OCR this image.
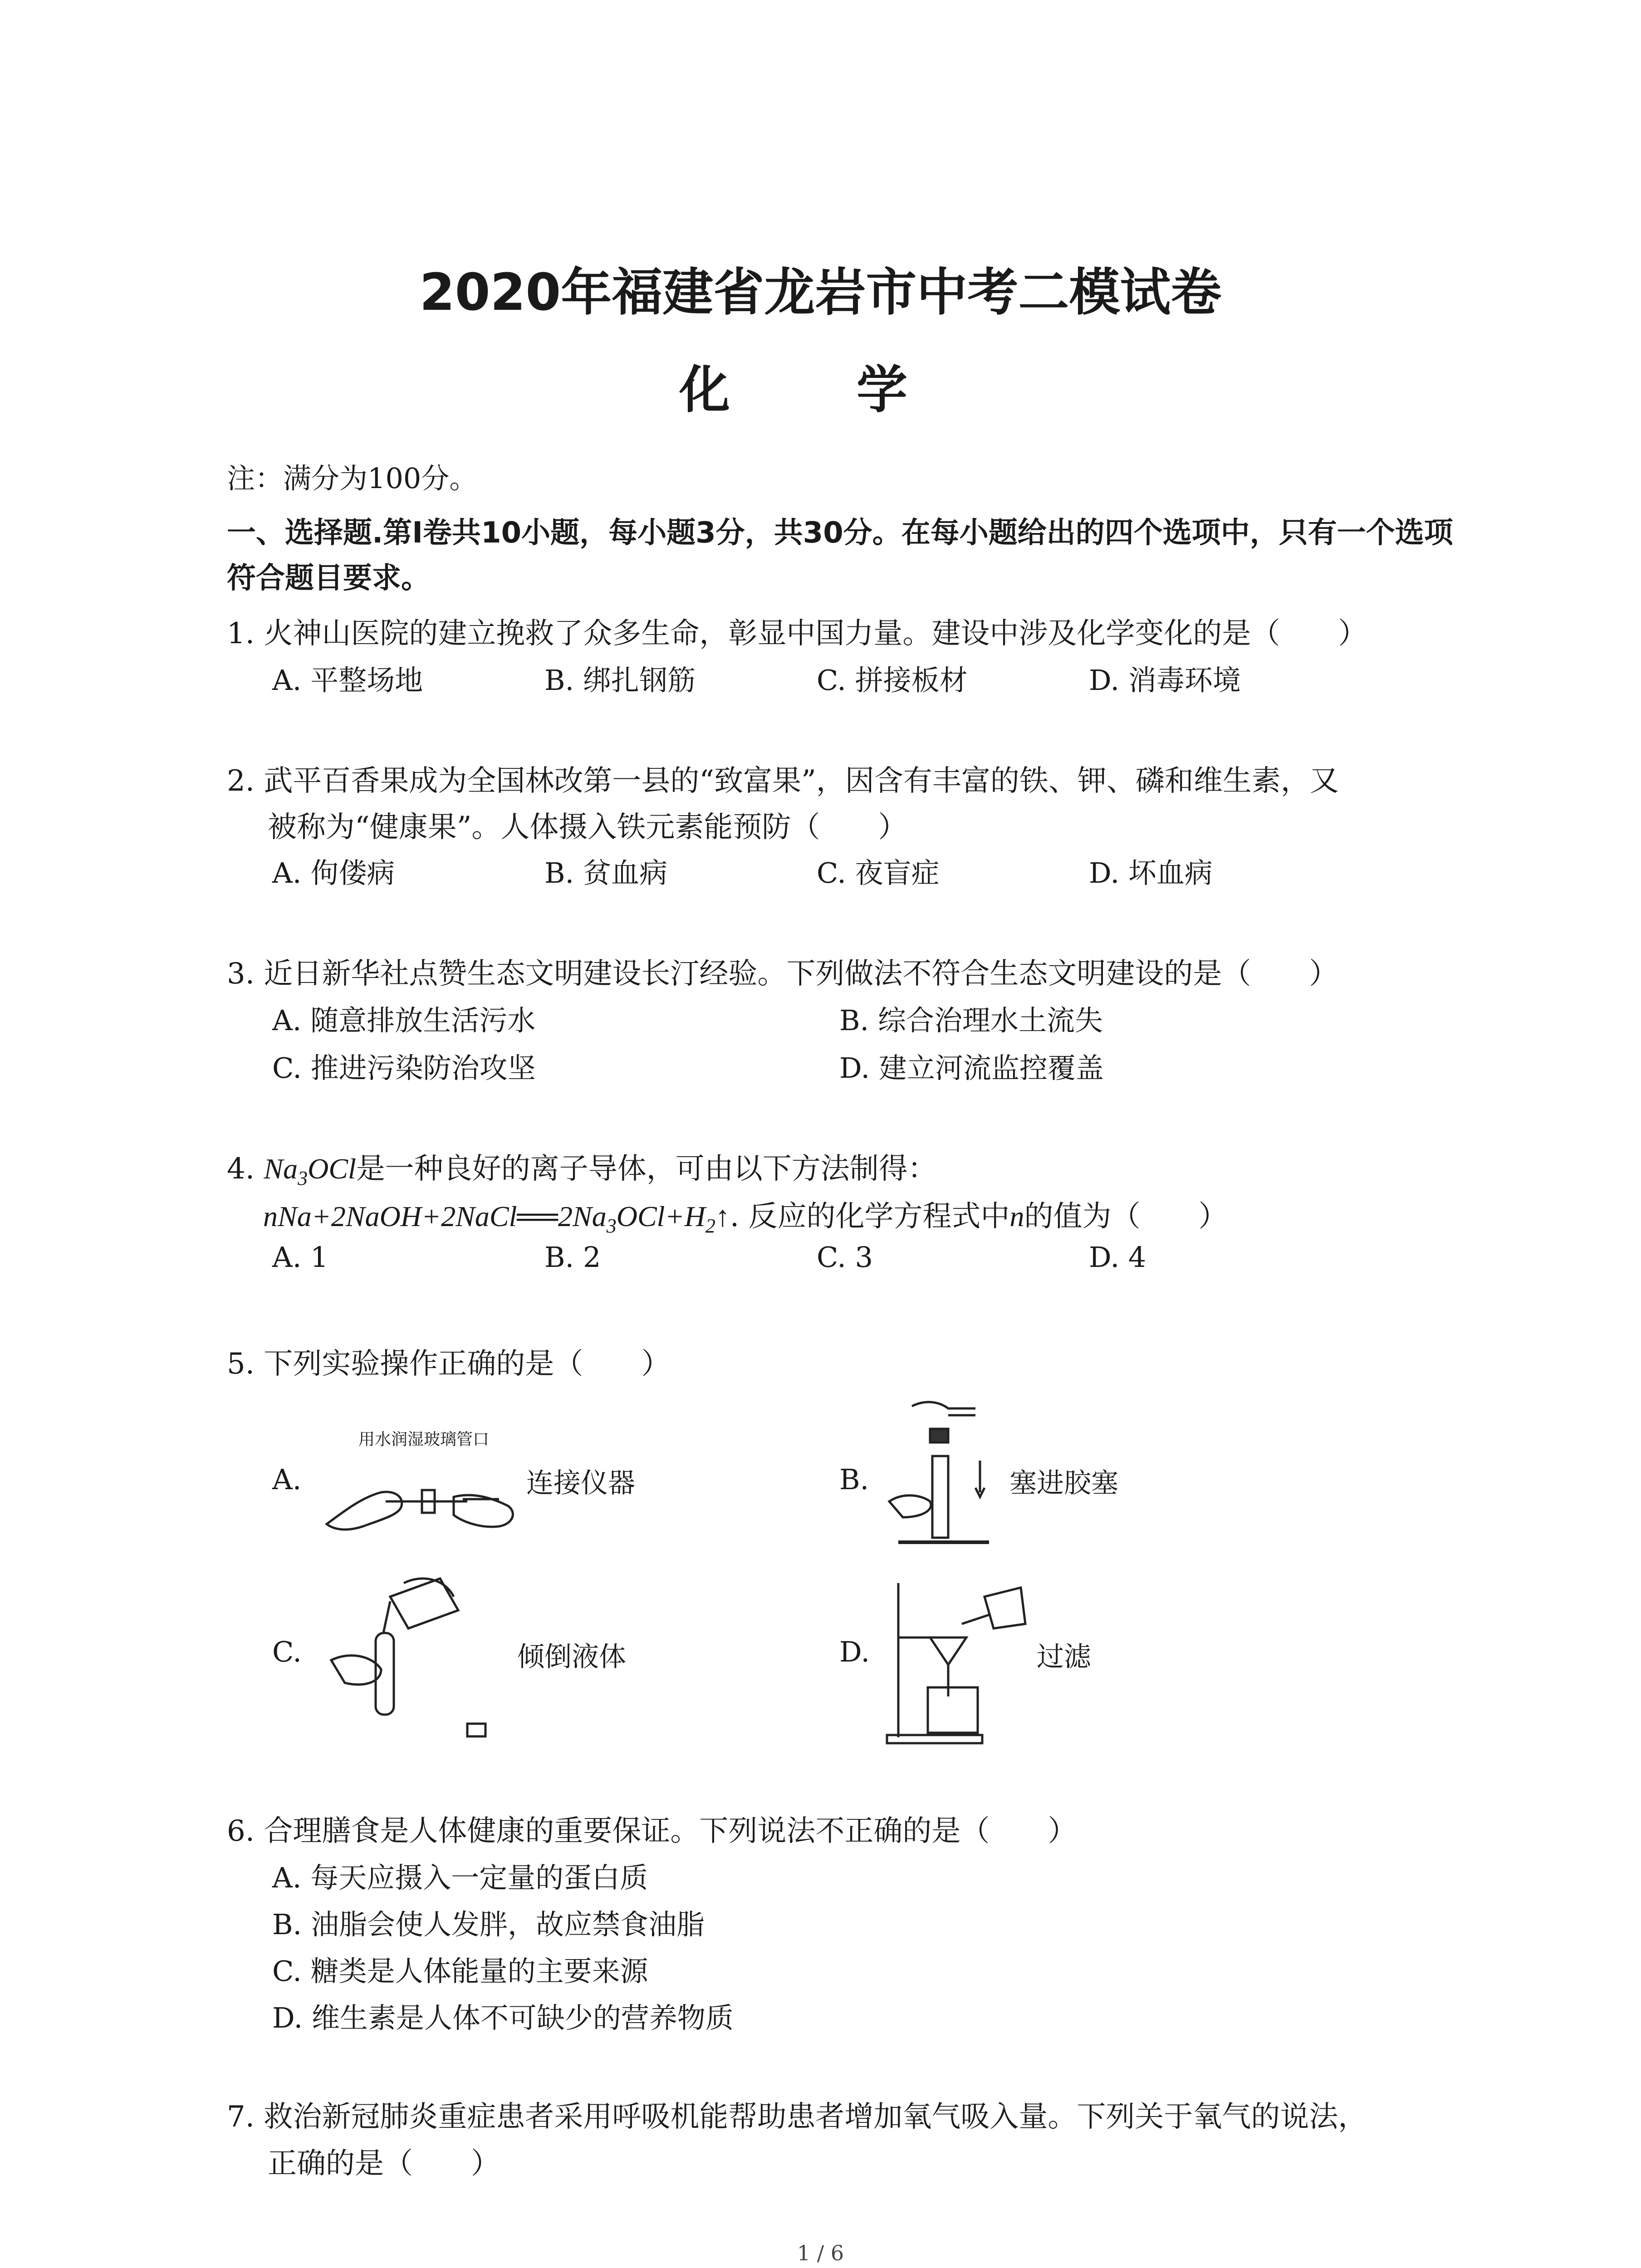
2020年福建省龙岩市中考二模试卷
化 学
注：满分为100分。
一、选择题.第Ⅰ卷共10小题，每小题3分，共30分。在每小题给出的四个选项中，只有一个选项符合题目要求。
1. 火神山医院的建立挽救了众多生命，彰显中国力量。建设中涉及化学变化的是（　　）
A. 平整场地	B. 绑扎钢筋	C. 拼接板材	D. 消毒环境
2. 武平百香果成为全国林改第一县的“致富果”，因含有丰富的铁、钾、磷和维生素，又
被称为“健康果”。人体摄入铁元素能预防（　　）
A. 佝偻病	B. 贫血病	C. 夜盲症	D. 坏血病
3. 近日新华社点赞生态文明建设长汀经验。下列做法不符合生态文明建设的是（　　）
A. 随意排放生活污水	B. 综合治理水土流失
C. 推进污染防治攻坚	D. 建立河流监控覆盖
4. $Na_3OCl$是一种良好的离子导体，可由以下方法制得：
$nNa+2NaOH+2NaCl══2Na_3OCl+H_2↑$. 反应的化学方程式中n的值为（　　）
A. 1	B. 2	C. 3	D. 4
5. 下列实验操作正确的是（　　）
A.
用水润湿玻璃管口
连接仪器	B.	塞进胶塞
C.	倾倒液体	D.	过滤
6. 合理膳食是人体健康的重要保证。下列说法不正确的是（　　）
A. 每天应摄入一定量的蛋白质
B. 油脂会使人发胖，故应禁食油脂
C. 糖类是人体能量的主要来源
D. 维生素是人体不可缺少的营养物质
7. 救治新冠肺炎重症患者采用呼吸机能帮助患者增加氧气吸入量。下列关于氧气的说法，
正确的是（　　）
1 / 6
